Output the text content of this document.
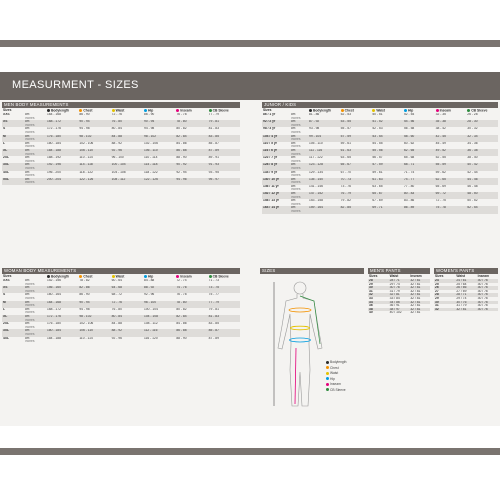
MEASURMENT - SIZES
MEN BODY MEASUREMENTS
Sizes		Bodylength	Chest	Waist	Hip	Inseam	CB Sleeve
XXS	cm	164 - 168	86 - 90	72 - 76	86 - 90	76 - 78	77 - 79
	inches						
XS	cm	168 - 172	90 - 94	76 - 80	90 - 94	78 - 80	79 - 81
	inches						
S	cm	172 - 176	94 - 98	80 - 84	94 - 98	80 - 82	81 - 83
	inches						
M	cm	176 - 180	98 - 102	84 - 88	98 - 102	82 - 84	83 - 85
	inches						
L	cm	180 - 184	102 - 106	88 - 92	102 - 106	84 - 86	85 - 87
	inches						
XL	cm	184 - 188	106 - 110	92 - 96	106 - 110	86 - 88	87 - 89
	inches						
2XL	cm	188 - 192	110 - 114	96 - 100	110 - 114	88 - 90	89 - 91
	inches						
3XL	cm	192 - 196	114 - 118	100 - 104	114 - 118	90 - 92	91 - 93
	inches						
4XL	cm	196 - 200	118 - 122	104 - 108	118 - 122	92 - 94	93 - 95
	inches						
5XL	cm	200 - 204	122 - 126	108 - 112	122 - 126	94 - 96	95 - 97
	inches						
JUNIOR / KIDS
Sizes		Bodylength	Chest	Waist	Hip	Inseam	CB Sleeve
86 / 1 yr	cm	81 - 86	52 - 53	50 - 51	52 - 54	32 - 35	26 - 28
	inches						
92 / 2 yr	cm	87 - 92	53 - 55	51 - 52	54 - 56	35 - 38	28 - 30
	inches						
98 / 3 yr	cm	93 - 98	55 - 57	52 - 53	56 - 58	38 - 42	30 - 32
	inches						
104 / 4 yr	cm	99 - 104	57 - 59	53 - 54	58 - 60	42 - 45	32 - 34
	inches						
110 / 5 yr	cm	105 - 110	59 - 61	54 - 55	60 - 62	45 - 49	34 - 36
	inches						
116 / 6 yr	cm	111 - 116	61 - 63	55 - 56	62 - 65	49 - 52	36 - 38
	inches						
122 / 7 yr	cm	117 - 122	63 - 65	56 - 57	65 - 68	52 - 55	38 - 40
	inches						
128 / 8 yr	cm	123 - 128	65 - 67	57 - 59	68 - 71	55 - 59	40 - 42
	inches						
134 / 9 yr	cm	129 - 134	67 - 70	59 - 61	71 - 74	59 - 62	42 - 44
	inches						
140 / 10 yr	cm	135 - 140	70 - 73	61 - 63	74 - 77	62 - 65	44 - 46
	inches						
146 / 11 yr	cm	141 - 146	73 - 76	63 - 65	77 - 80	65 - 69	46 - 48
	inches						
152 / 12 yr	cm	147 - 152	76 - 79	65 - 67	80 - 83	69 - 72	48 - 50
	inches						
158 / 13 yr	cm	153 - 158	79 - 82	67 - 69	83 - 86	72 - 75	50 - 52
	inches						
164 / 14 yr	cm	159 - 164	82 - 85	69 - 71	86 - 89	75 - 78	52 - 54
	inches						
WOMAN BODY MEASUREMENTS
Sizes		Bodylength	Chest	Waist	Hip	Inseam	CB Sleeve
XXS	cm	152 - 156	78 - 82	60 - 64	84 - 88	72 - 74	71 - 73
	inches						
XS	cm	156 - 160	82 - 86	64 - 68	88 - 92	74 - 76	73 - 75
	inches						
S	cm	160 - 164	86 - 90	68 - 72	92 - 96	76 - 78	75 - 77
	inches						
M	cm	164 - 168	90 - 94	72 - 76	96 - 100	78 - 80	77 - 79
	inches						
L	cm	168 - 172	94 - 98	76 - 80	100 - 104	80 - 82	79 - 81
	inches						
XL	cm	172 - 176	98 - 102	80 - 84	104 - 108	82 - 84	81 - 83
	inches						
2XL	cm	176 - 180	102 - 106	84 - 88	108 - 112	84 - 86	83 - 85
	inches						
3XL	cm	180 - 184	106 - 110	88 - 92	112 - 116	86 - 88	85 - 87
	inches						
4XL	cm	184 - 188	110 - 114	92 - 96	116 - 120	88 - 90	87 - 89
	inches						
SIZES
Bodylength
Chest
Waist
Hip
Inseam
CB Sleeve
MEN'S PANTS
Sizes	Waist	Inseam
28	28 / 71	32 / 81
29	29 / 74	32 / 81
30	30 / 76	32 / 81
31	31 / 79	32 / 81
32	32 / 81	32 / 81
33	33 / 84	32 / 81
34	34 / 86	32 / 81
36	36 / 91	32 / 81
38	38 / 97	32 / 81
40	40 / 102	32 / 81
WOMEN'S PANTS
Sizes	Waist	Inseam
24	24 / 61	30 / 76
25	25 / 64	30 / 76
26	26 / 66	30 / 76
27	27 / 69	30 / 76
28	28 / 71	30 / 76
29	29 / 74	30 / 76
30	30 / 76	30 / 76
31	31 / 79	30 / 76
32	32 / 81	30 / 76
